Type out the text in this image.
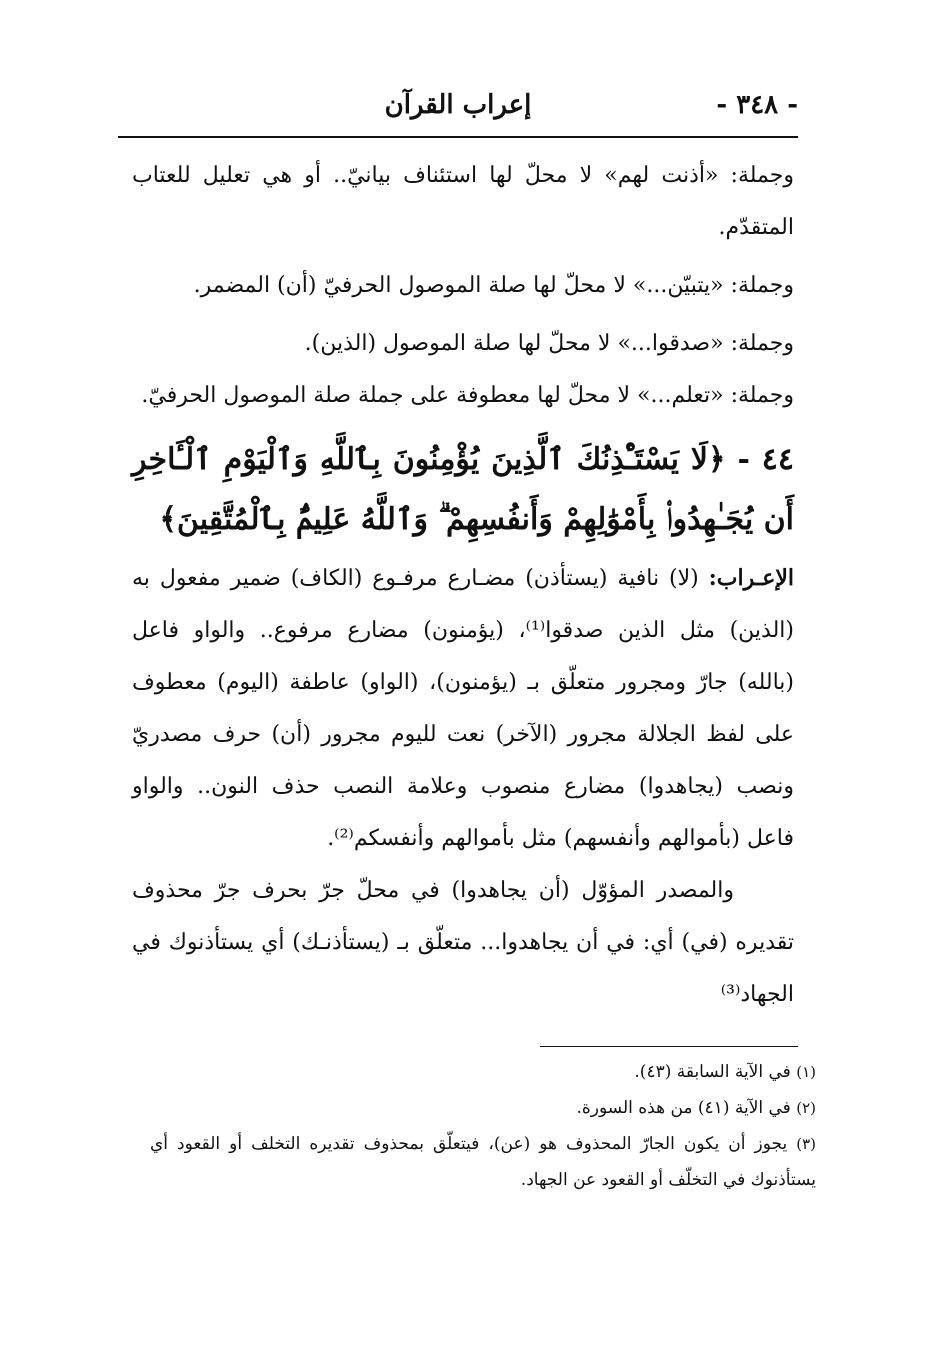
- ٣٤٨ -
إعراب القرآن

وجملة: «أذنت لهم» لا محلّ لها استئناف بيانيّ.. أو هي تعليل للعتاب المتقدّم.

وجملة: «يتبيّن...» لا محلّ لها صلة الموصول الحرفيّ (أن) المضمر.

وجملة: «صدقوا...» لا محلّ لها صلة الموصول (الذين).

وجملة: «تعلم...» لا محلّ لها معطوفة على جملة صلة الموصول الحرفيّ.

٤٤ - ﴿لَا يَسْتَـْٔذِنُكَ ٱلَّذِينَ يُؤْمِنُونَ بِٱللَّهِ وَٱلْيَوْمِ ٱلْـَٔاخِرِ أَن يُجَـٰهِدُوا۟ بِأَمْوَٰلِهِمْ وَأَنفُسِهِمْ ۗ وَٱللَّهُ عَلِيمٌۢ بِٱلْمُتَّقِينَ﴾

الإعـراب: (لا) نافية (يستأذن) مضـارع مرفـوع (الكاف) ضمير مفعول به (الذين) مثل الذين صدقوا⁽¹⁾، (يؤمنون) مضارع مرفوع.. والواو فاعل (بالله) جارّ ومجرور متعلّق بـ (يؤمنون)، (الواو) عاطفة (اليوم) معطوف على لفظ الجلالة مجرور (الآخر) نعت لليوم مجرور (أن) حرف مصدريّ ونصب (يجاهدوا) مضارع منصوب وعلامة النصب حذف النون.. والواو فاعل (بأموالهم وأنفسهم) مثل بأموالهم وأنفسكم⁽²⁾.

والمصدر المؤوّل (أن يجاهدوا) في محلّ جرّ بحرف جرّ محذوف تقديره (في) أي: في أن يجاهدوا... متعلّق بـ (يستأذنـك) أي يستأذنوك في الجهاد⁽³⁾

(١) في الآية السابقة (٤٣).

(٢) في الآية (٤١) من هذه السورة.

(٣) يجوز أن يكون الجارّ المحذوف هو (عن)، فيتعلّق بمحذوف تقديره التخلف أو القعود أي يستأذنوك في التخلّف أو القعود عن الجهاد.
